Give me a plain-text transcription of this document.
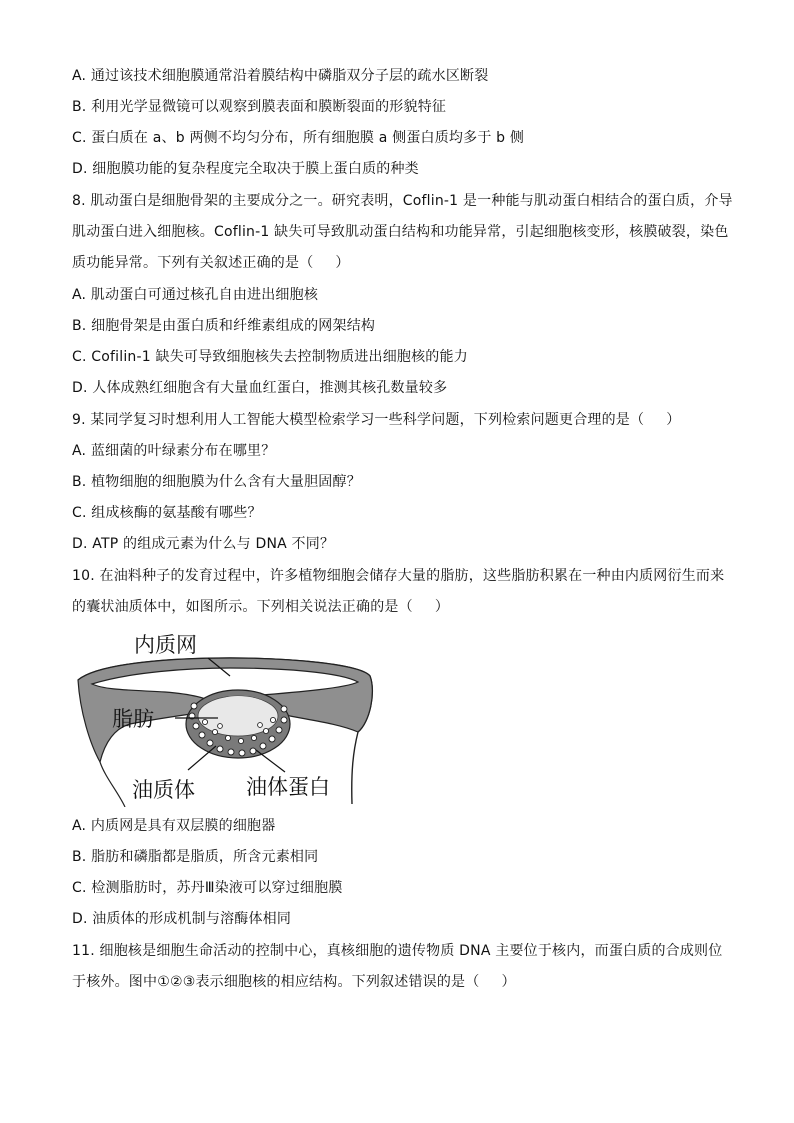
A. 通过该技术细胞膜通常沿着膜结构中磷脂双分子层的疏水区断裂
B. 利用光学显微镜可以观察到膜表面和膜断裂面的形貌特征
C. 蛋白质在 a、b 两侧不均匀分布，所有细胞膜 a 侧蛋白质均多于 b 侧
D. 细胞膜功能的复杂程度完全取决于膜上蛋白质的种类
8. 肌动蛋白是细胞骨架的主要成分之一。研究表明，Coflin-1 是一种能与肌动蛋白相结合的蛋白质，介导
肌动蛋白进入细胞核。Coflin-1 缺失可导致肌动蛋白结构和功能异常，引起细胞核变形，核膜破裂，染色
质功能异常。下列有关叙述正确的是（ ）
A. 肌动蛋白可通过核孔自由进出细胞核
B. 细胞骨架是由蛋白质和纤维素组成的网架结构
C. Cofilin-1 缺失可导致细胞核失去控制物质进出细胞核的能力
D. 人体成熟红细胞含有大量血红蛋白，推测其核孔数量较多
9. 某同学复习时想利用人工智能大模型检索学习一些科学问题，下列检索问题更合理的是（ ）
A. 蓝细菌的叶绿素分布在哪里？
B. 植物细胞的细胞膜为什么含有大量胆固醇？
C. 组成核酶的氨基酸有哪些？
D. ATP 的组成元素为什么与 DNA 不同？
10. 在油料种子的发育过程中，许多植物细胞会储存大量的脂肪，这些脂肪积累在一种由内质网衍生而来
的囊状油质体中，如图所示。下列相关说法正确的是（ ）
内质网
脂肪
油质体 油体蛋白
A. 内质网是具有双层膜的细胞器
B. 脂肪和磷脂都是脂质，所含元素相同
C. 检测脂肪时，苏丹Ⅲ染液可以穿过细胞膜
D. 油质体的形成机制与溶酶体相同
11. 细胞核是细胞生命活动的控制中心，真核细胞的遗传物质 DNA 主要位于核内，而蛋白质的合成则位
于核外。图中①②③表示细胞核的相应结构。下列叙述错误的是（ ）
